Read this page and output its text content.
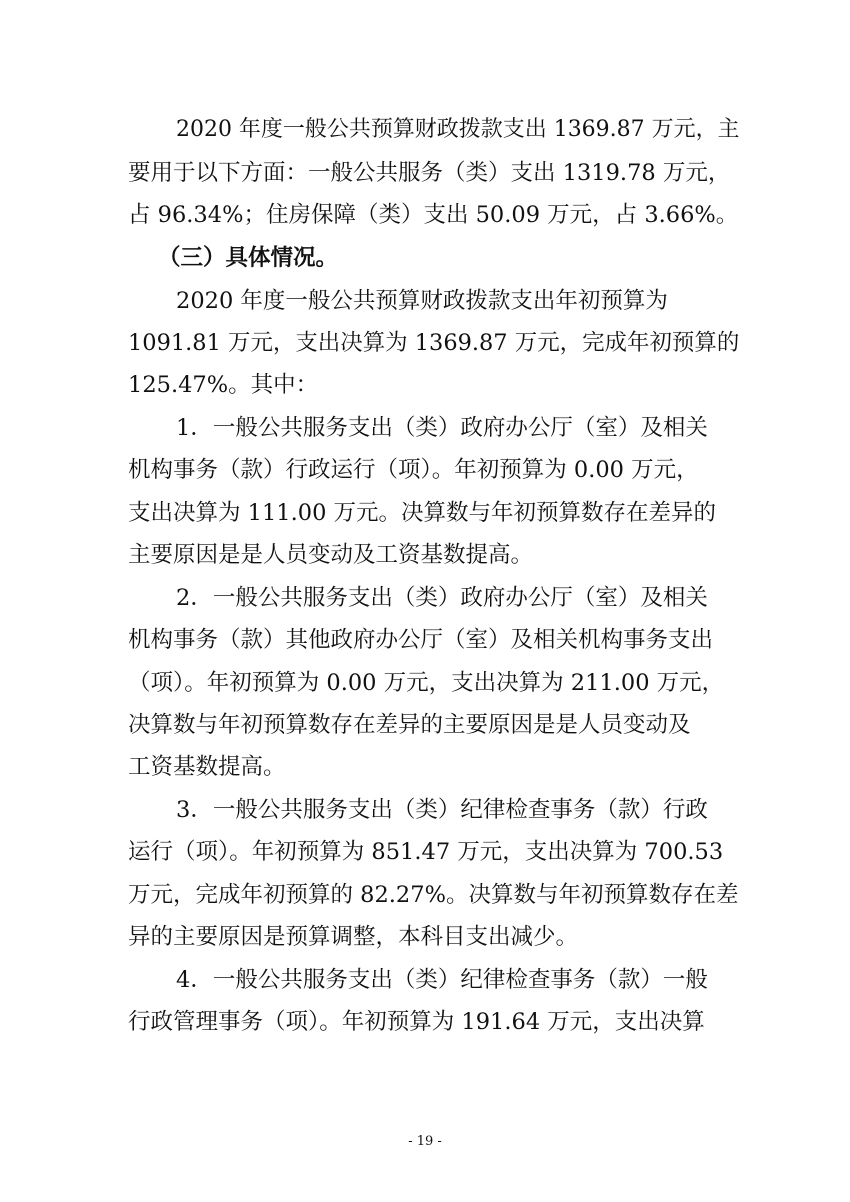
2020 年度一般公共预算财政拨款支出 1369.87 万元，主
要用于以下方面：一般公共服务（类）支出 1319.78 万元，
占 96.34%；住房保障（类）支出 50.09 万元，占 3.66%。
（三）具体情况。
2020 年度一般公共预算财政拨款支出年初预算为
1091.81 万元，支出决算为 1369.87 万元，完成年初预算的
125.47%。其中：
1．一般公共服务支出（类）政府办公厅（室）及相关
机构事务（款）行政运行（项）。年初预算为 0.00 万元，
支出决算为 111.00 万元。决算数与年初预算数存在差异的
主要原因是是人员变动及工资基数提高。
2．一般公共服务支出（类）政府办公厅（室）及相关
机构事务（款）其他政府办公厅（室）及相关机构事务支出
（项）。年初预算为 0.00 万元，支出决算为 211.00 万元，
决算数与年初预算数存在差异的主要原因是是人员变动及
工资基数提高。
3．一般公共服务支出（类）纪律检查事务（款）行政
运行（项）。年初预算为 851.47 万元，支出决算为 700.53
万元，完成年初预算的 82.27%。决算数与年初预算数存在差
异的主要原因是预算调整，本科目支出减少。
4．一般公共服务支出（类）纪律检查事务（款）一般
行政管理事务（项）。年初预算为 191.64 万元，支出决算
- 19 -
